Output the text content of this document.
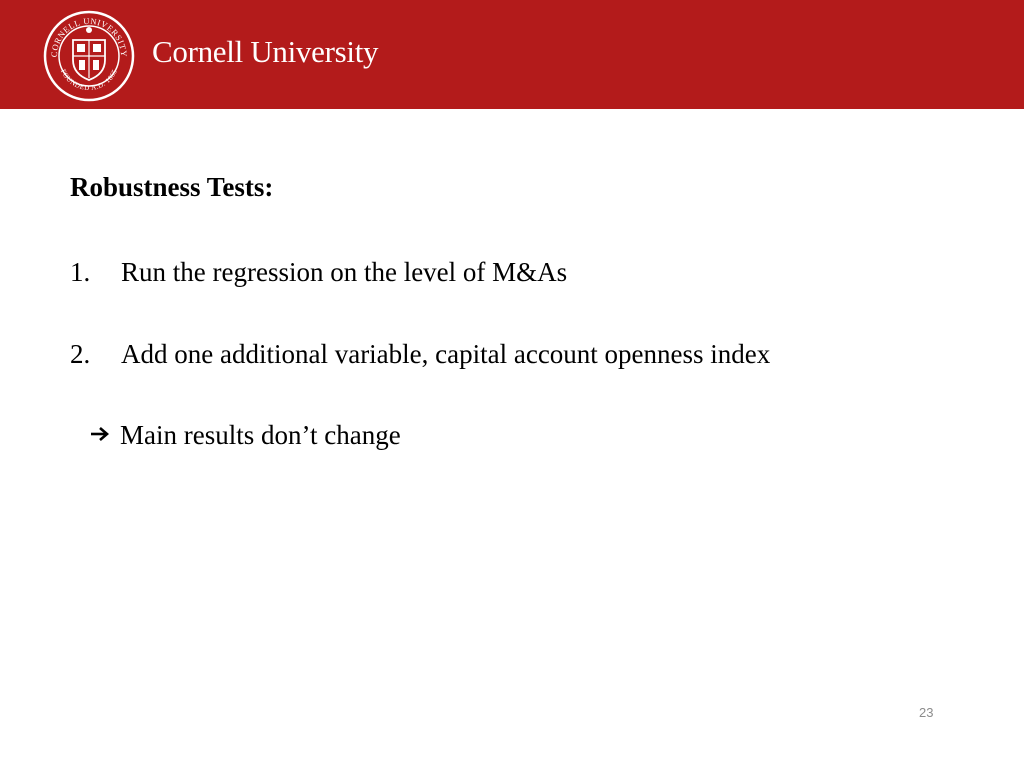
CORNELL UNIVERSITY
FOUNDED A.D. 1865
Cornell University
Robustness Tests:
1. Run the regression on the level of M&As
2. Add one additional variable, capital account openness index
Main results don’t change
23
